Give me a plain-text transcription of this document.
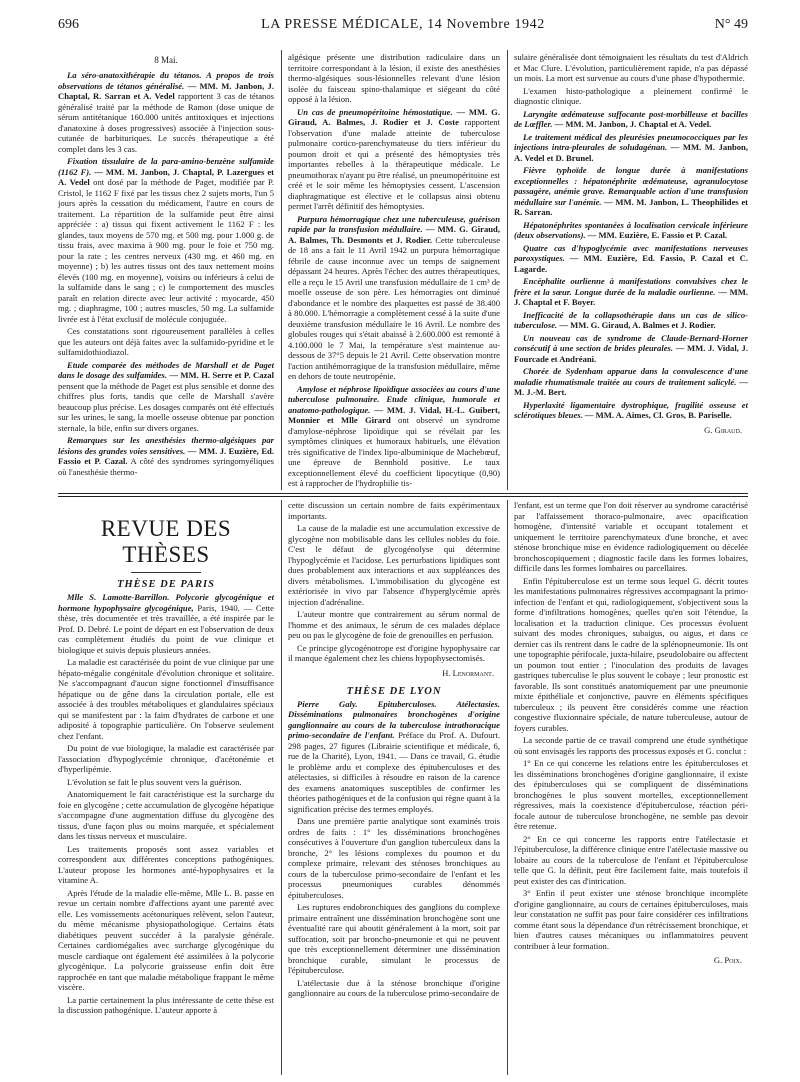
696	LA PRESSE MÉDICALE, 14 Novembre 1942	N° 49
8 Mai.

La séro-anatoxithérapie du tétanos. A propos de trois observations de tétanos généralisé. — MM. M. Janbon, J. Chaptal, R. Sarran et A. Vedel rapportent 3 cas de tétanos généralisé traité par la méthode de Ramon (dose unique de sérum antitétanique 160.000 unités antitoxiques et injections d'anatoxine à doses progressives) associée à l'injection sous-cutanée de barbituriques. Le succès thérapeutique a été complet dans les 3 cas.

Fixation tissulaire de la para-amino-benzène sulfamide (1162 F). — MM. M. Janbon, J. Chaptal, P. Lazergues et A. Vedel ont dosé par la méthode de Paget, modifiée par P. Cristol, le 1162 F fixé par les tissus chez 2 sujets morts, l'un 5 jours après la cessation du médicament, l'autre en cours de traitement. La répartition de la sulfamide peut être ainsi appréciée : a) tissus qui fixent activement le 1162 F : les glandes, taux moyens de 570 mg. et 500 mg. pour 1.000 g. de tissu frais, avec maxima à 900 mg. pour le foie et 750 mg. pour la rate ; les centres nerveux (430 mg. et 460 mg. en moyenne) ; b) les autres tissus ont des taux nettement moins élevés (100 mg. en moyenne), voisins ou inférieurs à celui de la sulfamide dans le sang ; c) le comportement des muscles paraît en relation directe avec leur activité : myocarde, 450 mg. ; diaphragme, 100 ; autres muscles, 50 mg. La sulfamide livrée est à l'état exclusif de molécule conjuguée.

Ces constatations sont rigoureusement parallèles à celles que les auteurs ont déjà faites avec la sulfamido-pyridine et le sulfamidothiodiazol.

Etude comparée des méthodes de Marshall et de Paget dans le dosage des sulfamides. — MM. H. Serre et P. Cazal pensent que la méthode de Paget est plus sensible et donne des chiffres plus forts, tandis que celle de Marshall s'avère beaucoup plus précise. Les dosages comparés ont été effectués sur les urines, le sang, la moelle osseuse obtenue par ponction sternale, la bile, enfin sur divers organes.

Remarques sur les anesthésies thermo-algésiques par lésions des grandes voies sensitives. — MM. J. Euzière, Ed. Fassio et P. Cazal. A côté des syndromes syringomyéliques où l'anesthésie thermo-

algésique présente une distribution radiculaire dans un territoire correspondant à la lésion, il existe des anesthésies thermo-algésiques sous-lésionnelles relevant d'une lésion isolée du faisceau spino-thalamique et siégeant du côté opposé à la lésion.

Un cas de pneumopéritoine hémostatique. — MM. G. Giraud, A. Balmes, J. Rodier et J. Coste rapportent l'observation d'une malade atteinte de tuberculose pulmonaire cortico-parenchymateuse du tiers inférieur du poumon droit et qui a présenté des hémoptysies très importantes rebelles à la thérapeutique médicale. Le pneumothorax n'ayant pu être réalisé, un pneumopéritoine est créé et le soir même les hémoptysies cessent. L'ascension diaphragmatique est élective et le collapsus ainsi obtenu permet l'arrêt définitif des hémoptysies.

Purpura hémorragique chez une tuberculeuse, guérison rapide par la transfusion médullaire. — MM. G. Giraud, A. Balmes, Th. Desmonts et J. Rodier. Cette tuberculeuse de 18 ans a fait le 11 Avril 1942 un purpura hémorragique fébrile de cause inconnue avec un temps de saignement dépassant 24 heures. Après l'échec des autres thérapeutiques, elle a reçu le 15 Avril une transfusion médullaire de 1 cm³ de moelle osseuse de son père. Les hémorragies ont diminué d'abondance et le nombre des plaquettes est passé de 38.400 à 80.000. L'hémorragie a complètement cessé à la suite d'une deuxième transfusion médullaire le 16 Avril. Le nombre des globules rouges qui s'était abaissé à 2.600.000 est remonté à 4.100.000 le 7 Mai, la température s'est maintenue au-dessous de 37°5 depuis le 21 Avril. Cette observation montre l'action antihémorragique de la transfusion médullaire, même en dehors de toute neutropénie.

Amylose et néphrose lipoïdique associées au cours d'une tuberculose pulmonaire. Etude clinique, humorale et anatomo-pathologique. — MM. J. Vidal, H.-L. Guibert, Monnier et Mlle Girard ont observé un syndrome d'amylose-néphrose lipoïdique qui se révélait par les symptômes cliniques et humoraux habituels, une élévation très significative de l'index lipo-albuminique de Machebœuf, une épreuve de Bennhold positive. Le taux exceptionnellement élevé du coefficient lipocytique (0,90) est à rapprocher de l'hydrophilie tis-

sulaire généralisée dont témoignaient les résultats du test d'Aldrich et Mac Clure. L'évolution, particulièrement rapide, n'a pas dépassé un mois. La mort est survenue au cours d'une phase d'hypothermie.

L'examen histo-pathologique a pleinement confirmé le diagnostic clinique.

Laryngite œdémateuse suffocante post-morbilleuse et bacilles de Lœffler. — MM. M. Janbon, J. Chaptal et A. Vedel.

Le traitement médical des pleurésies pneumococciques par les injections intra-pleurales de soludagénan. — MM. M. Janbon, A. Vedel et D. Brunel.

Fièvre typhoïde de longue durée à manifestations exceptionnelles : hépatonéphrite œdémateuse, agranulocytose passagère, anémie grave. Remarquable action d'une transfusion médullaire sur l'anémie. — MM. M. Janbon, L. Theophilides et R. Sarran.

Hépatonéphrites spontanées à localisation cervicale inférieure (deux observations). — MM. Euzière, E. Fassio et P. Cazal.

Quatre cas d'hypoglycémie avec manifestations nerveuses paroxystiques. — MM. Euzière, Ed. Fassio, P. Cazal et C. Lagarde.

Encéphalite ourlienne à manifestations convulsives chez le frère et la sœur. Longue durée de la maladie ourlienne. — MM. J. Chaptal et F. Boyer.

Inefficacité de la collapsothérapie dans un cas de silico-tuberculose. — MM. G. Giraud, A. Balmes et J. Rodier.

Un nouveau cas de syndrome de Claude-Bernard-Horner consécutif à une section de brides pleurales. — MM. J. Vidal, J. Fourcade et Andréani.

Chorée de Sydenham apparue dans la convalescence d'une maladie rhumatismale traitée au cours de traitement salicylé. — M. J.-M. Bert.

Hyperlaxité ligamentaire dystrophique, fragilité osseuse et sclérotiques bleues. — MM. A. Aimes, Cl. Gros, B. Pariselle.

G. Giraud.
REVUE DES THÈSES
THÈSE DE PARIS

Mlle S. Lamotte-Barrillon. Polycorie glycogénique et hormone hypophysaire glycogénique, Paris, 1940. — Cette thèse, très documentée et très travaillée, a été inspirée par le Prof. D. Debré. Le point de départ en est l'observation de deux cas complètement étudiés du point de vue clinique et biologique et suivis depuis plusieurs années.

La maladie est caractérisée du point de vue clinique par une hépato-mégalie congénitale d'évolution chronique et solitaire. Ne s'accompagnant d'aucun signe fonctionnel d'insuffisance hépatique ou de gêne dans la circulation portale, elle est associée à des troubles métaboliques et glandulaires spéciaux qui se manifestent par : la faim d'hydrates de carbone et une adiposité à topographie particulière. On l'observe seulement chez l'enfant.

Du point de vue biologique, la maladie est caractérisée par l'association d'hypoglycémie chronique, d'acétonémie et d'hyperlipémie.

L'évolution se fait le plus souvent vers la guérison.

Anatomiquement le fait caractéristique est la surcharge du foie en glycogène ; cette accumulation de glycogène hépatique s'accompagne d'une augmentation diffuse du glycogène des tissus, d'une façon plus ou moins marquée, et spécialement dans les tissus nerveux et musculaire.

Les traitements proposés sont assez variables et correspondent aux différentes conceptions pathogéniques. L'auteur propose les hormones anté-hypophysaires et la vitamine A.

Après l'étude de la maladie elle-même, Mlle L. B. passe en revue un certain nombre d'affections ayant une parenté avec elle. Les vomissements acétonuriques relèvent, selon l'auteur, du même mécanisme physiopathologique. Certains états diabétiques peuvent succéder à la paralysie générale. Certaines cardiomégalies avec surcharge glycogénique du muscle cardiaque ont également été assimilées à la polycorie glycogénique. La polycorie graisseuse enfin doit être rapprochée en tant que maladie métabolique frappant le même viscère.

La partie certainement la plus intéressante de cette thèse est la discussion pathogénique. L'auteur apporte à

cette discussion un certain nombre de faits expérimentaux importants.

La cause de la maladie est une accumulation excessive de glycogène non mobilisable dans les cellules nobles du foie. C'est le défaut de glycogénolyse qui détermine l'hypoglycémie et l'acidose. Les perturbations lipidiques sont dues probablement aux interactions et aux suppléances des divers métabolismes. L'immobilisation du glycogène est extériorisée in vivo par l'absence d'hyperglycémie après injection d'adrénaline.

L'auteur montre que contrairement au sérum normal de l'homme et des animaux, le sérum de ces malades déplace peu ou pas le glycogène de foie de grenouilles en perfusion.

Ce principe glycogénotrope est d'origine hypophysaire car il manque également chez les chiens hypophysectomisés.

H. Lenormant.
THÈSE DE LYON

Pierre Galy. Epituberculoses. Atélectasies. Disséminations pulmonaires bronchogènes d'origine ganglionnaire au cours de la tuberculose intrathoracique primo-secondaire de l'enfant. Préface du Prof. A. Dufourt. 298 pages, 27 figures (Librairie scientifique et médicale, 6, rue de la Charité), Lyon, 1941. — Dans ce travail, G. étudie le problème ardu et complexe des épituberculoses et des atélectasies, si difficiles à résoudre en raison de la carence des examens anatomiques susceptibles de confirmer les théories pathogéniques et de la confusion qui règne quant à la signification précise des termes employés.

Dans une première partie analytique sont examinés trois ordres de faits : 1° les disséminations bronchogènes consécutives à l'ouverture d'un ganglion tuberculeux dans la bronche, 2° les lésions complexes du poumon et du complexe primaire, relevant des sténoses bronchiques au cours de la tuberculose primo-secondaire de l'enfant et les processus pneumoniques curables dénommés épituberculoses.

Les ruptures endobronchiques des ganglions du complexe primaire entraînent une dissémination bronchogène sont une éventualité rare qui aboutit généralement à la mort, soit par suffocation, soit par broncho-pneumonie et qui ne peuvent que très exceptionnellement déterminer une dissémination bronchique curable, simulant le processus de l'épituberculose.

L'atélectasie due à la sténose bronchique d'origine ganglionnaire au cours de la tuberculose primo-secondaire de

l'enfant, est un terme que l'on doit réserver au syndrome caractérisé par l'affaissement thoraco-pulmonaire, avec opacification homogène, d'intensité variable et occupant totalement et uniquement le territoire parenchymateux d'une bronche, et avec sténose bronchique mise en évidence radiologiquement ou décelée bronchoscopiquement ; diagnostic facile dans les formes lobaires, difficile dans les formes lombaires ou parcellaires.

Enfin l'épituberculose est un terme sous lequel G. décrit toutes les manifestations pulmonaires régressives accompagnant la primo-infection de l'enfant et qui, radiologiquement, s'objectivent sous la forme d'infiltrations homogènes, quelles qu'en soit l'étendue, la localisation et la traduction clinique. Ces processus évoluent suivant des modes chroniques, subaigus, ou aigus, et dans ce dernier cas ils rentrent dans le cadre de la splénopneumonie. Ils ont une topographie périfocale, juxta-hilaire, pseudolobaire ou affectent un poumon tout entier ; l'inoculation des produits de lavages gastriques tuberculise le plus souvent le cobaye ; leur pronostic est favorable. Ils sont constitués anatomiquement par une pneumonie mixte épithéliale et conjonctive, pauvre en éléments spécifiques tuberculeux ; ils peuvent être considérés comme une réaction congestive fluxionnaire spéciale, de nature tuberculeuse, autour de foyers curables.

La seconde partie de ce travail comprend une étude synthétique où sont envisagés les rapports des processus exposés et G. conclut :

1° En ce qui concerne les relations entre les épituberculoses et les disséminations bronchogènes d'origine ganglionnaire, il existe des épituberculoses qui se compliquent de disséminations bronchogènes le plus souvent mortelles, exceptionnellement régressives, mais la coexistence d'épituberculose, réaction péri-focale autour de tuberculose bronchogène, ne semble pas devoir être retenue.

2° En ce qui concerne les rapports entre l'atélectasie et l'épituberculose, la différence clinique entre l'atélectasie massive ou lobaire au cours de la tuberculose de l'enfant et l'épituberculose telle que G. la définit, peut être facilement faite, mais toutefois il peut exister des cas d'intrication.

3° Enfin il peut exister une sténose bronchique incomplète d'origine ganglionnaire, au cours de certaines épituberculoses, mais leur constatation ne suffit pas pour faire considérer ces infiltrations comme étant sous la dépendance d'un rétrécissement bronchique, et bien d'autres causes mécaniques ou inflammatoires peuvent contribuer à leur formation.

G. Poix.
